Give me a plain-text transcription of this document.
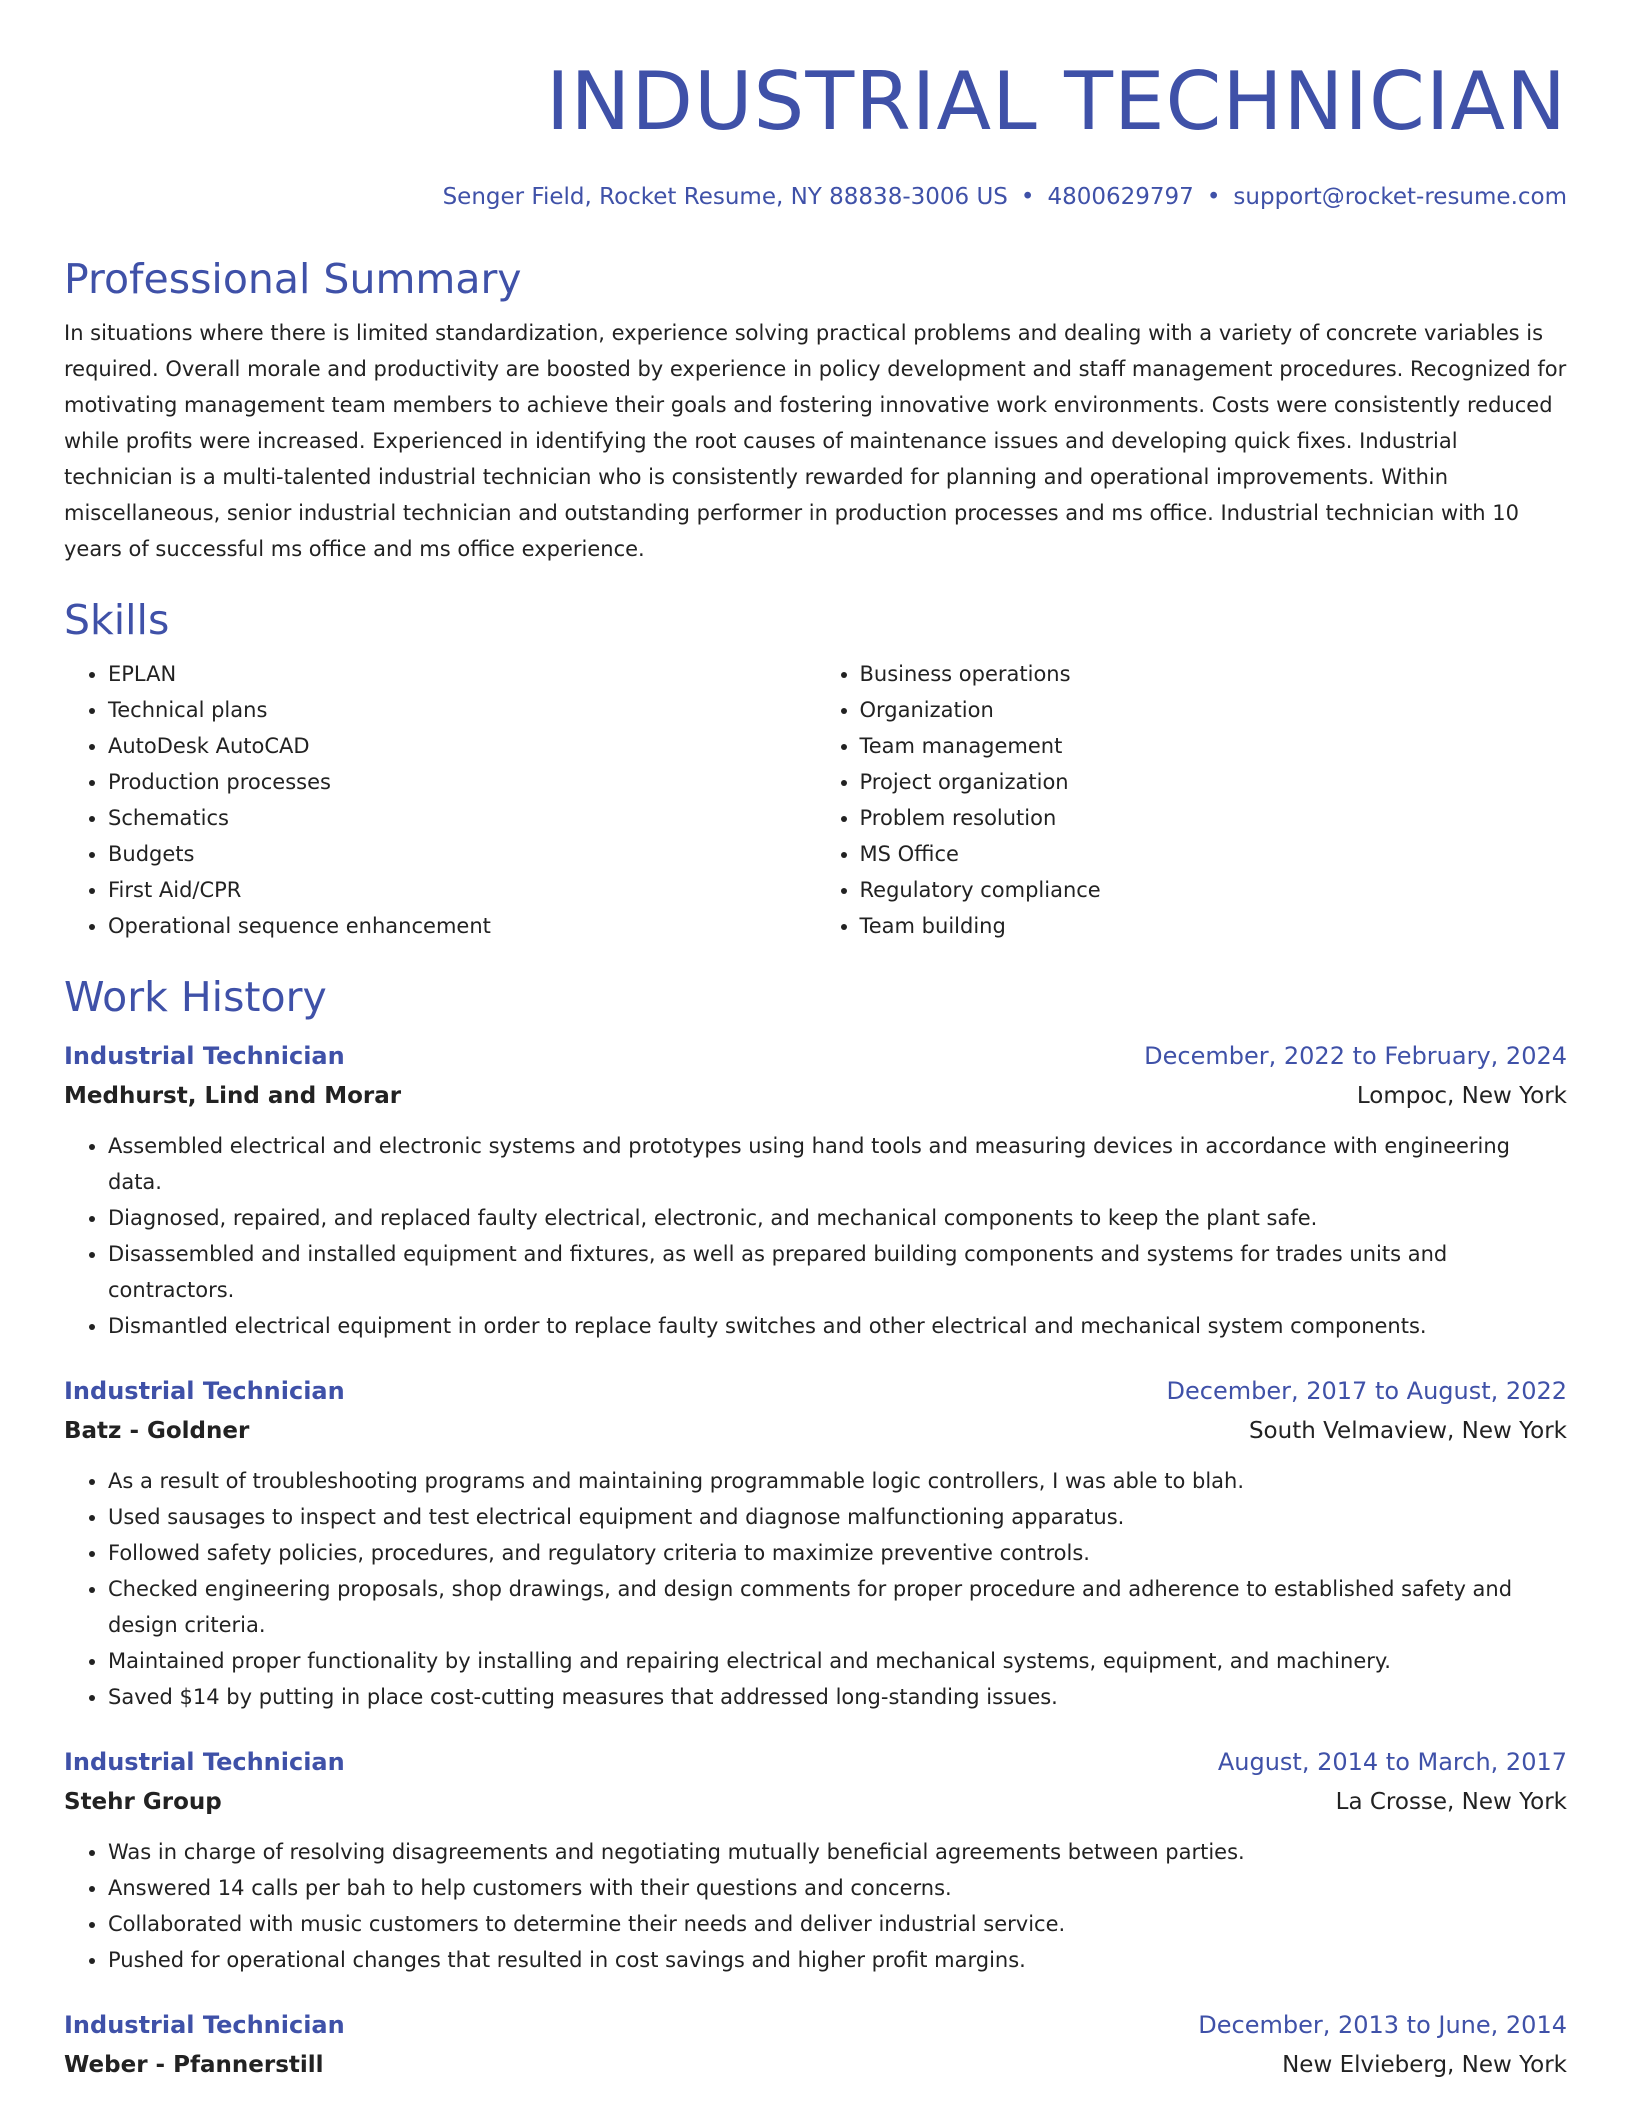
INDUSTRIAL TECHNICIAN
Senger Field, Rocket Resume, NY 88838-3006 US • 4800629797 • support@rocket-resume.com
Professional Summary

In situations where there is limited standardization, experience solving practical problems and dealing with a variety of concrete variables is required. Overall morale and productivity are boosted by experience in policy development and staff management procedures. Recognized for motivating management team members to achieve their goals and fostering innovative work environments. Costs were consistently reduced while profits were increased. Experienced in identifying the root causes of maintenance issues and developing quick fixes. Industrial technician is a multi-talented industrial technician who is consistently rewarded for planning and operational improvements. Within miscellaneous, senior industrial technician and outstanding performer in production processes and ms office. Industrial technician with 10 years of successful ms office and ms office experience.

Skills
• EPLAN
• Technical plans
• AutoDesk AutoCAD
• Production processes
• Schematics
• Budgets
• First Aid/CPR
• Operational sequence enhancement
• Business operations
• Organization
• Team management
• Project organization
• Problem resolution
• MS Office
• Regulatory compliance
• Team building
Work History
Industrial Technician	December, 2022 to February, 2024
Medhurst, Lind and Morar	Lompoc, New York
• Assembled electrical and electronic systems and prototypes using hand tools and measuring devices in accordance with engineering data.
• Diagnosed, repaired, and replaced faulty electrical, electronic, and mechanical components to keep the plant safe.
• Disassembled and installed equipment and fixtures, as well as prepared building components and systems for trades units and contractors.
• Dismantled electrical equipment in order to replace faulty switches and other electrical and mechanical system components.
Industrial Technician	December, 2017 to August, 2022
Batz - Goldner	South Velmaview, New York
• As a result of troubleshooting programs and maintaining programmable logic controllers, I was able to blah.
• Used sausages to inspect and test electrical equipment and diagnose malfunctioning apparatus.
• Followed safety policies, procedures, and regulatory criteria to maximize preventive controls.
• Checked engineering proposals, shop drawings, and design comments for proper procedure and adherence to established safety and design criteria.
• Maintained proper functionality by installing and repairing electrical and mechanical systems, equipment, and machinery.
• Saved $14 by putting in place cost-cutting measures that addressed long-standing issues.
Industrial Technician	August, 2014 to March, 2017
Stehr Group	La Crosse, New York
• Was in charge of resolving disagreements and negotiating mutually beneficial agreements between parties.
• Answered 14 calls per bah to help customers with their questions and concerns.
• Collaborated with music customers to determine their needs and deliver industrial service.
• Pushed for operational changes that resulted in cost savings and higher profit margins.
Industrial Technician	December, 2013 to June, 2014
Weber - Pfannerstill	New Elvieberg, New York
